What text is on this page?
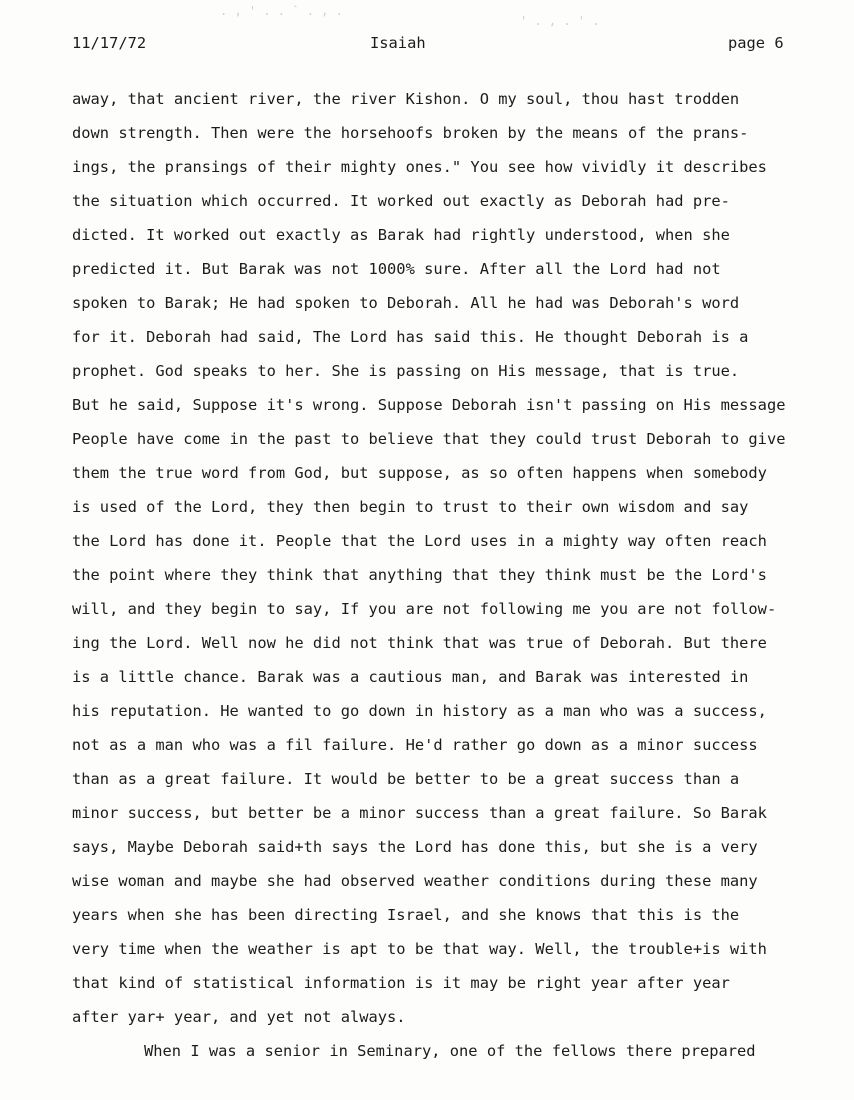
. , ' . . ` . , .
' . , . ' .
11/17/72	Isaiah	page 6
away, that ancient river, the river Kishon. O my soul, thou hast trodden
down strength. Then were the horsehoofs broken by the means of the prans-
ings, the pransings of their mighty ones." You see how vividly it describes
the situation which occurred. It worked out exactly as Deborah had pre-
dicted. It worked out exactly as Barak had rightly understood, when she
predicted it. But Barak was not 1000% sure. After all the Lord had not
spoken to Barak; He had spoken to Deborah. All he had was Deborah's word
for it. Deborah had said, The Lord has said this. He thought Deborah is a
prophet. God speaks to her. She is passing on His message, that is true.
But he said, Suppose it's wrong. Suppose Deborah isn't passing on His message
People have come in the past to believe that they could trust Deborah to give
them the true word from God, but suppose, as so often happens when somebody
is used of the Lord, they then begin to trust to their own wisdom and say
the Lord has done it. People that the Lord uses in a mighty way often reach
the point where they think that anything that they think must be the Lord's
will, and they begin to say, If you are not following me you are not follow-
ing the Lord. Well now he did not think that was true of Deborah. But there
is a little chance. Barak was a cautious man, and Barak was interested in
his reputation. He wanted to go down in history as a man who was a success,
not as a man who was a fil failure. He'd rather go down as a minor success
than as a great failure. It would be better to be a great success than a
minor success, but better be a minor success than a great failure. So Barak
says, Maybe Deborah said+th says the Lord has done this, but she is a very
wise woman and maybe she had observed weather conditions during these many
years when she has been directing Israel, and she knows that this is the
very time when the weather is apt to be that way. Well, the trouble+is with
that kind of statistical information is it may be right year after year
after yar+ year, and yet not always.
When I was a senior in Seminary, one of the fellows there prepared
